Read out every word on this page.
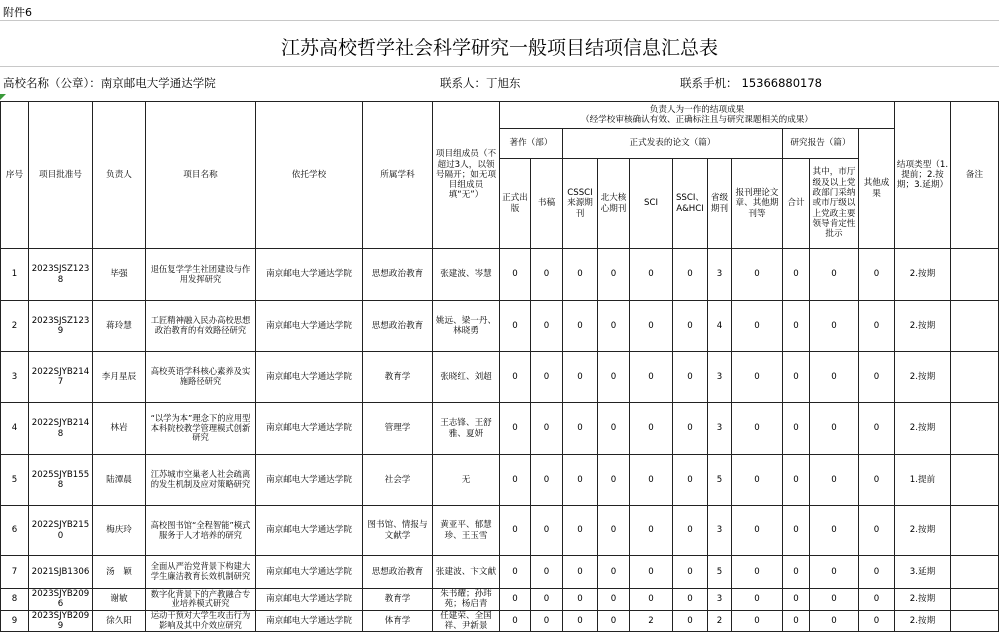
附件6
江苏高校哲学社会科学研究一般项目结项信息汇总表
高校名称（公章）：南京邮电大学通达学院	联系人：丁旭东	联系手机： 15366880178
序号	项目批准号	负责人	项目名称	依托学校	所属学科	项目组成员（不超过3人，以领号隔开；如无项目组成员填“无”）	负责人为一作的结项成果
（经学校审核确认有效、正确标注且与研究课题相关的成果）											结项类型（1.提前；2.按期；3.延期）	备注
							著作（部）		正式发表的论文（篇）						研究报告（篇）		其他成果		
							正式出版	书稿	CSSCI来源期刊	北大核心期刊	SCI	SSCI、A&HCI	省级期刊	报刊理论文章、其他期刊等	合计	其中，市厅级及以上党政部门采纳或市厅级以上党政主要领导肯定性批示			

1	2023SJSZ1238	毕强	退伍复学学生社团建设与作用发挥研究	南京邮电大学通达学院	思想政治教育	张建波、岑慧	0	0	0	0	0	0	3	0	0	0	0	2.按期	
2	2023SJSZ1239	蒋玲慧	工匠精神融入民办高校思想政治教育的有效路径研究	南京邮电大学通达学院	思想政治教育	姚远、梁一丹、林晓勇	0	0	0	0	0	0	4	0	0	0	0	2.按期	
3	2022SJYB2147	李月星辰	高校英语学科核心素养及实施路径研究	南京邮电大学通达学院	教育学	张晓红、刘超	0	0	0	0	0	0	3	0	0	0	0	2.按期	
4	2022SJYB2148	林岩	“以学为本”理念下的应用型本科院校教学管理模式创新研究	南京邮电大学通达学院	管理学	王志锋、王舒雅、夏妍	0	0	0	0	0	0	3	0	0	0	0	2.按期	
5	2025SJYB1558	陆潭晨	江苏城市空巢老人社会疏离的发生机制及应对策略研究	南京邮电大学通达学院	社会学	无	0	0	0	0	0	0	5	0	0	0	0	1.提前	
6	2022SJYB2150	梅庆玲	高校图书馆“全程智能”模式服务于人才培养的研究	南京邮电大学通达学院	图书馆、情报与文献学	黄亚平、郁慧珍、王玉雪	0	0	0	0	0	0	3	0	0	0	0	2.按期	
7	2021SJB1306	汤　颖	全面从严治党背景下构建大学生廉洁教育长效机制研究	南京邮电大学通达学院	思想政治教育	张建波、卞文献	0	0	0	0	0	0	5	0	0	0	0	3.延期	
8	2023SJYB2096	谢敏	数字化背景下的产教融合专业培养模式研究	南京邮电大学通达学院	教育学	朱书耀；孙玮苑；杨启青	0	0	0	0	0	0	3	0	0	0	0	2.按期	
9	2023SJYB2099	徐久阳	运动干预对大学生攻击行为影响及其中介效应研究	南京邮电大学通达学院	体育学	任建荣、全国祥、尹新景	0	0	0	0	2	0	2	0	0	0	0	2.按期	
